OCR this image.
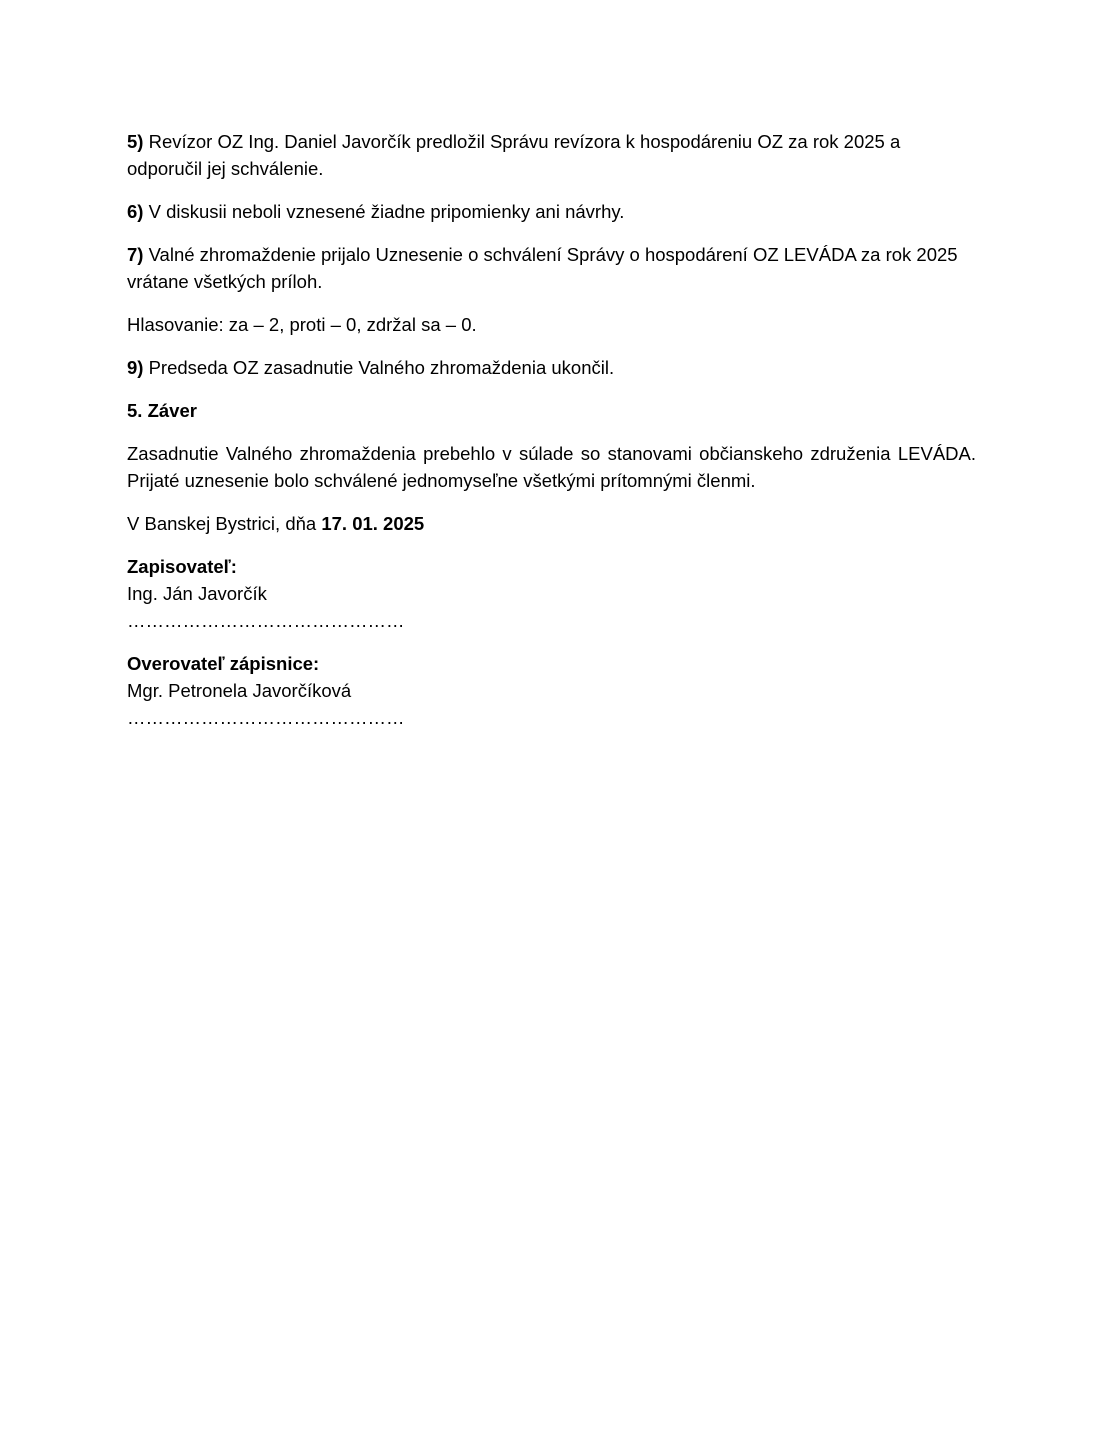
5) Revízor OZ Ing. Daniel Javorčík predložil Správu revízora k hospodáreniu OZ za rok 2025 a odporučil jej schválenie.

6) V diskusii neboli vznesené žiadne pripomienky ani návrhy.

7) Valné zhromaždenie prijalo Uznesenie o schválení Správy o hospodárení OZ LEVÁDA za rok 2025 vrátane všetkých príloh.

Hlasovanie: za – 2, proti – 0, zdržal sa – 0.

9) Predseda OZ zasadnutie Valného zhromaždenia ukončil.

5. Záver

Zasadnutie Valného zhromaždenia prebehlo v súlade so stanovami občianskeho združenia LEVÁDA. Prijaté uznesenie bolo schválené jednomyseľne všetkými prítomnými členmi.

V Banskej Bystrici, dňa 17. 01. 2025

Zapisovateľ:

Ing. Ján Javorčík

………………………………………

Overovateľ zápisnice:

Mgr. Petronela Javorčíková

………………………………………
